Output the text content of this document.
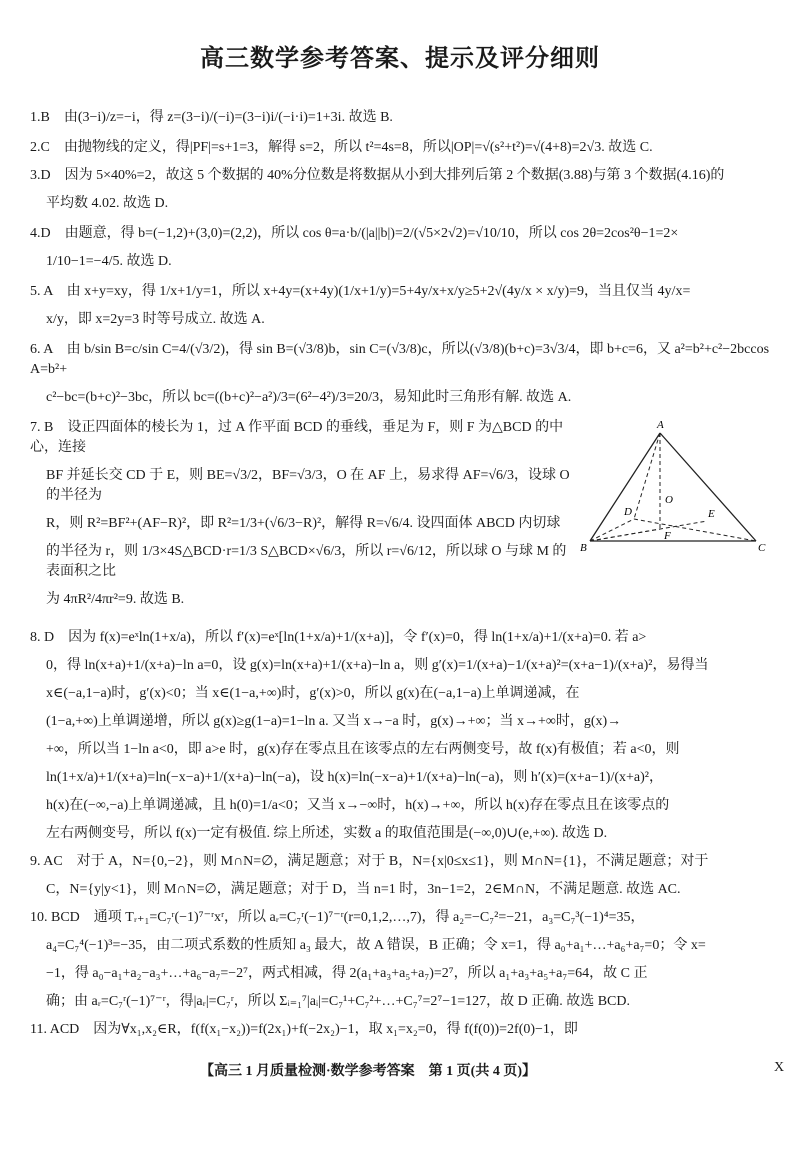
高三数学参考答案、提示及评分细则
1.B　由(3−i)/z=−i，得 z=(3−i)/(−i)=(3−i)i/(−i·i)=1+3i. 故选 B.
2.C　由抛物线的定义，得|PF|=s+1=3，解得 s=2，所以 t²=4s=8，所以|OP|=√(s²+t²)=√(4+8)=2√3. 故选 C.
3.D　因为 5×40%=2，故这 5 个数据的 40%分位数是将数据从小到大排列后第 2 个数据(3.88)与第 3 个数据(4.16)的
平均数 4.02. 故选 D.
4.D　由题意，得 b=(−1,2)+(3,0)=(2,2)，所以 cos θ=a·b/(|a||b|)=2/(√5×2√2)=√10/10，所以 cos 2θ=2cos²θ−1=2×
1/10−1=−4/5. 故选 D.
5. A　由 x+y=xy，得 1/x+1/y=1，所以 x+4y=(x+4y)(1/x+1/y)=5+4y/x+x/y≥5+2√(4y/x × x/y)=9，当且仅当 4y/x=
x/y，即 x=2y=3 时等号成立. 故选 A.
6. A　由 b/sin B=c/sin C=4/(√3/2)，得 sin B=(√3/8)b，sin C=(√3/8)c，所以(√3/8)(b+c)=3√3/4，即 b+c=6，又 a²=b²+c²−2bccos A=b²+
c²−bc=(b+c)²−3bc，所以 bc=((b+c)²−a²)/3=(6²−4²)/3=20/3，易知此时三角形有解. 故选 A.
A
O
D
F
E
B	C
7. B　设正四面体的棱长为 1，过 A 作平面 BCD 的垂线，垂足为 F，则 F 为△BCD 的中心，连接
BF 并延长交 CD 于 E，则 BE=√3/2，BF=√3/3，O 在 AF 上，易求得 AF=√6/3，设球 O 的半径为
R，则 R²=BF²+(AF−R)²，即 R²=1/3+(√6/3−R)²，解得 R=√6/4. 设四面体 ABCD 内切球
的半径为 r，则 1/3×4S△BCD·r=1/3 S△BCD×√6/3，所以 r=√6/12，所以球 O 与球 M 的表面积之比
为 4πR²/4πr²=9. 故选 B.
8. D　因为 f(x)=eˣln(1+x/a)，所以 f′(x)=eˣ[ln(1+x/a)+1/(x+a)]，令 f′(x)=0，得 ln(1+x/a)+1/(x+a)=0. 若 a>
0，得 ln(x+a)+1/(x+a)−ln a=0，设 g(x)=ln(x+a)+1/(x+a)−ln a，则 g′(x)=1/(x+a)−1/(x+a)²=(x+a−1)/(x+a)²，易得当
x∈(−a,1−a)时，g′(x)<0；当 x∈(1−a,+∞)时，g′(x)>0，所以 g(x)在(−a,1−a)上单调递减，在
(1−a,+∞)上单调递增，所以 g(x)≥g(1−a)=1−ln a. 又当 x→−a 时，g(x)→+∞；当 x→+∞时，g(x)→
+∞，所以当 1−ln a<0，即 a>e 时，g(x)存在零点且在该零点的左右两侧变号，故 f(x)有极值；若 a<0，则
ln(1+x/a)+1/(x+a)=ln(−x−a)+1/(x+a)−ln(−a)，设 h(x)=ln(−x−a)+1/(x+a)−ln(−a)，则 h′(x)=(x+a−1)/(x+a)²，
h(x)在(−∞,−a)上单调递减，且 h(0)=1/a<0；又当 x→−∞时，h(x)→+∞，所以 h(x)存在零点且在该零点的
左右两侧变号，所以 f(x)一定有极值. 综上所述，实数 a 的取值范围是(−∞,0)∪(e,+∞). 故选 D.
9. AC　对于 A，N={0,−2}，则 M∩N=∅，满足题意；对于 B，N={x|0≤x≤1}，则 M∩N={1}，不满足题意；对于
C，N={y|y<1}，则 M∩N=∅，满足题意；对于 D，当 n=1 时，3n−1=2，2∈M∩N，不满足题意. 故选 AC.
10. BCD　通项 Tᵣ₊₁=C₇ʳ(−1)⁷⁻ʳxʳ，所以 aᵣ=C₇ʳ(−1)⁷⁻ʳ(r=0,1,2,…,7)，得 a₂=−C₇²=−21，a₃=C₇³(−1)⁴=35，
a₄=C₇⁴(−1)³=−35，由二项式系数的性质知 a₃ 最大，故 A 错误，B 正确；令 x=1，得 a₀+a₁+…+a₆+a₇=0；令 x=
−1，得 a₀−a₁+a₂−a₃+…+a₆−a₇=−2⁷，两式相减，得 2(a₁+a₃+a₅+a₇)=2⁷，所以 a₁+a₃+a₅+a₇=64，故 C 正
确；由 aᵣ=C₇ʳ(−1)⁷⁻ʳ，得|aᵣ|=C₇ʳ，所以 Σᵢ₌₁⁷|aᵢ|=C₇¹+C₇²+…+C₇⁷=2⁷−1=127，故 D 正确. 故选 BCD.
11. ACD　因为∀x₁,x₂∈R，f(f(x₁−x₂))=f(2x₁)+f(−2x₂)−1，取 x₁=x₂=0，得 f(f(0))=2f(0)−1，即
【高三 1 月质量检测·数学参考答案　第 1 页(共 4 页)】	X
